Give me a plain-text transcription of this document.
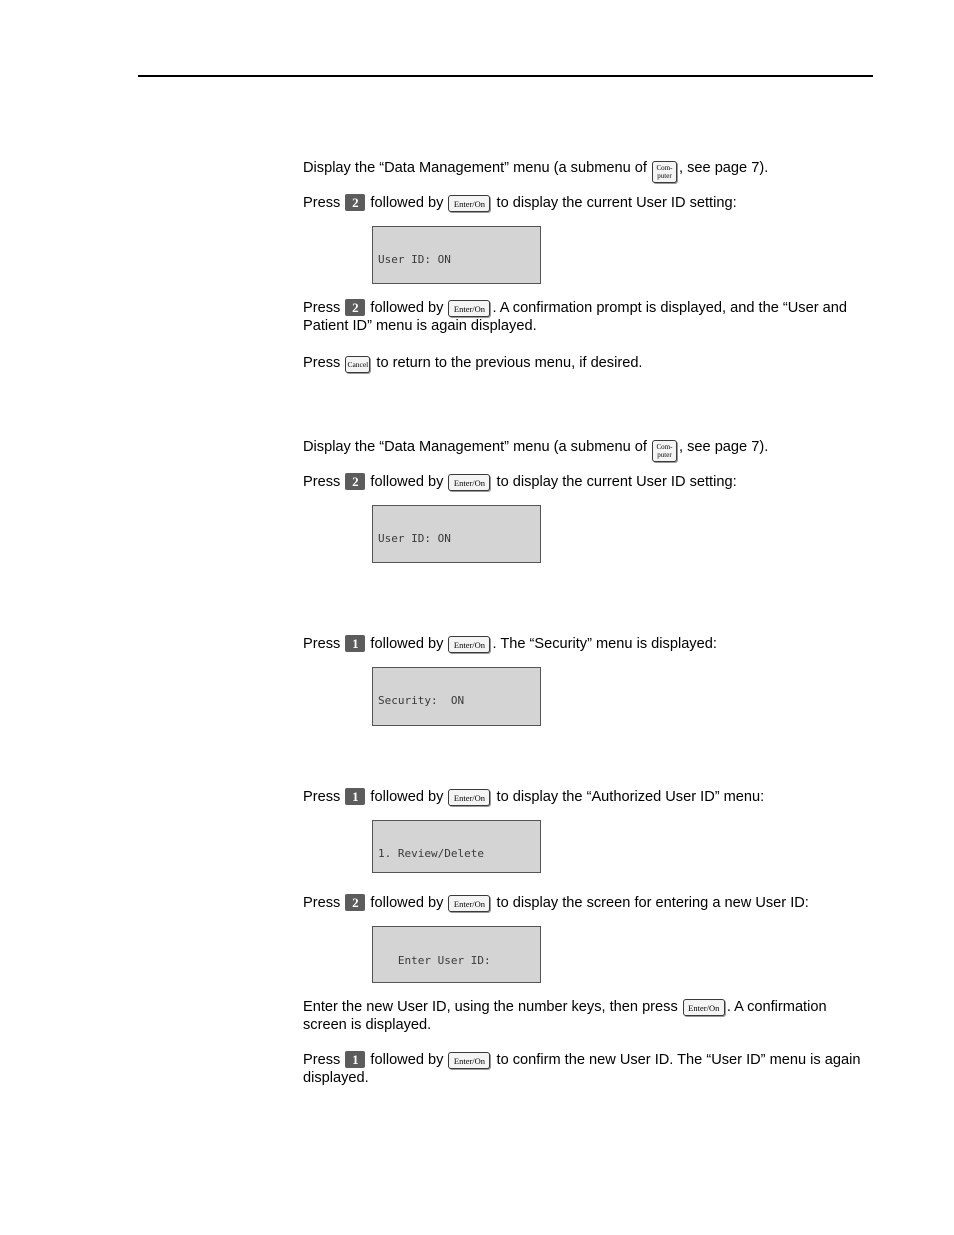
Display the “Data Management” menu (a submenu of Com-puter , see page 7).

Press 2 followed by Enter/On to display the current User ID setting:

User ID: ON

Press 2 followed by Enter/On . A confirmation prompt is displayed, and the “User and Patient ID” menu is again displayed.

Press Cancel to return to the previous menu, if desired.

Display the “Data Management” menu (a submenu of Com-puter , see page 7).

Press 2 followed by Enter/On to display the current User ID setting:

User ID: ON

Press 1 followed by Enter/On . The “Security” menu is displayed:

Security:  ON

Press 1 followed by Enter/On to display the “Authorized User ID” menu:

1. Review/Delete

Press 2 followed by Enter/On to display the screen for entering a new User ID:

Enter User ID:

Enter the new User ID, using the number keys, then press Enter/On . A confirmation screen is displayed.

Press 1 followed by Enter/On to confirm the new User ID. The “User ID” menu is again displayed.
